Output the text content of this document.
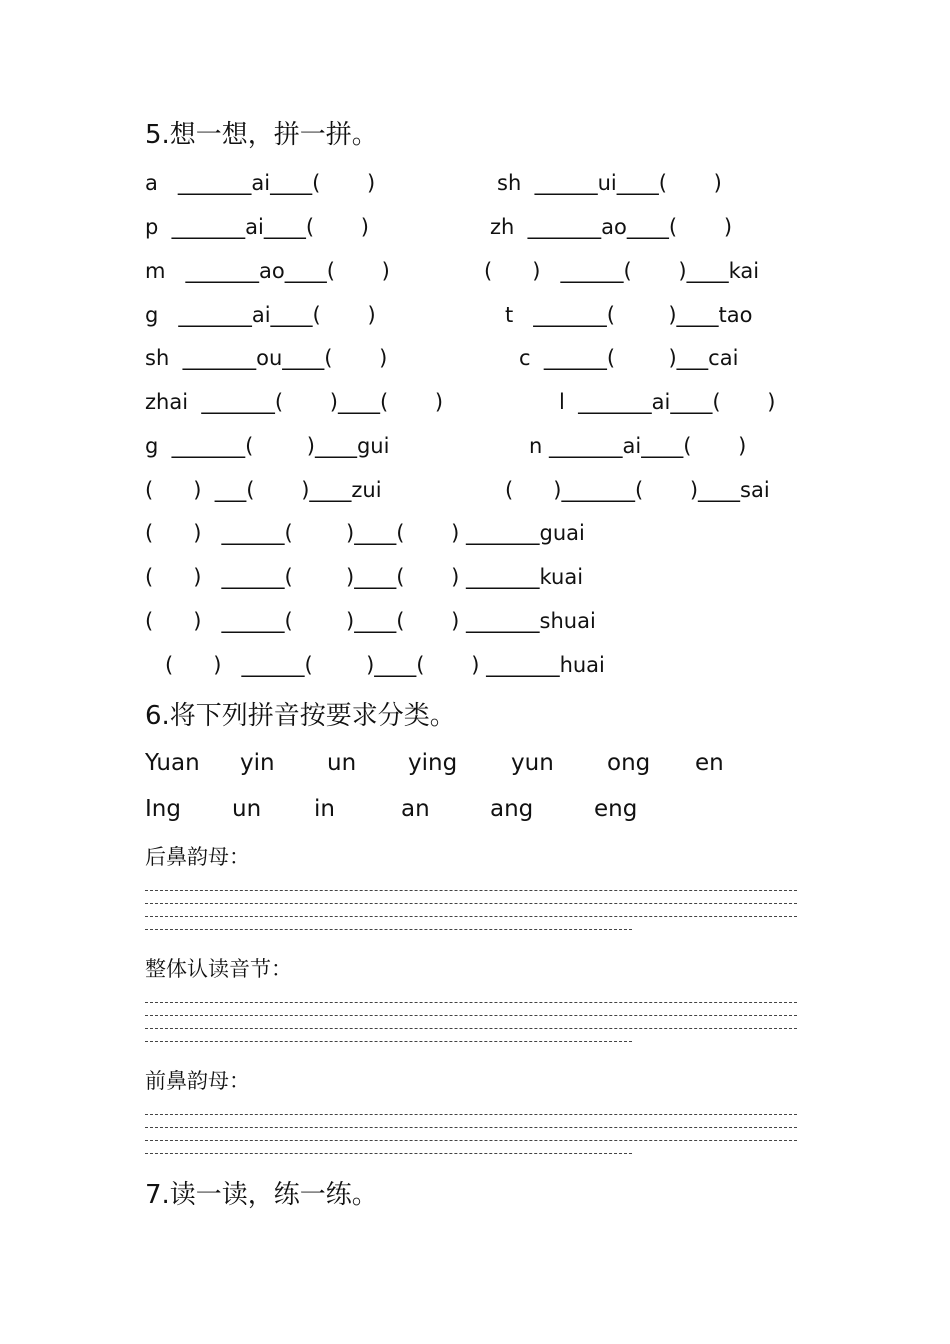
5.想一想，拼一拼。
a   _______ai____(       )	sh  ______ui____(       )
p  _______ai____(       )	zh  _______ao____(       )
m   _______ao____(       )	(      )   ______(       )____kai
g   _______ai____(       )	t   _______(        )____tao
sh  _______ou____(       )	c  ______(        )___cai
zhai  _______(       )____(       )	l  _______ai____(       )
g  _______(        )____gui	n _______ai____(       )
(      )  ___(       )____zui	(      )_______(       )____sai
(      )   ______(        )____(       ) _______guai
(      )   ______(        )____(       ) _______kuai
(      )   ______(        )____(       ) _______shuai
(      )   ______(        )____(       ) _______huai
6.将下列拼音按要求分类。
Yuan yin un ying yun ong en
Ing un in	an	ang	eng
后鼻韵母：
整体认读音节：
前鼻韵母：
7.读一读，练一练。
